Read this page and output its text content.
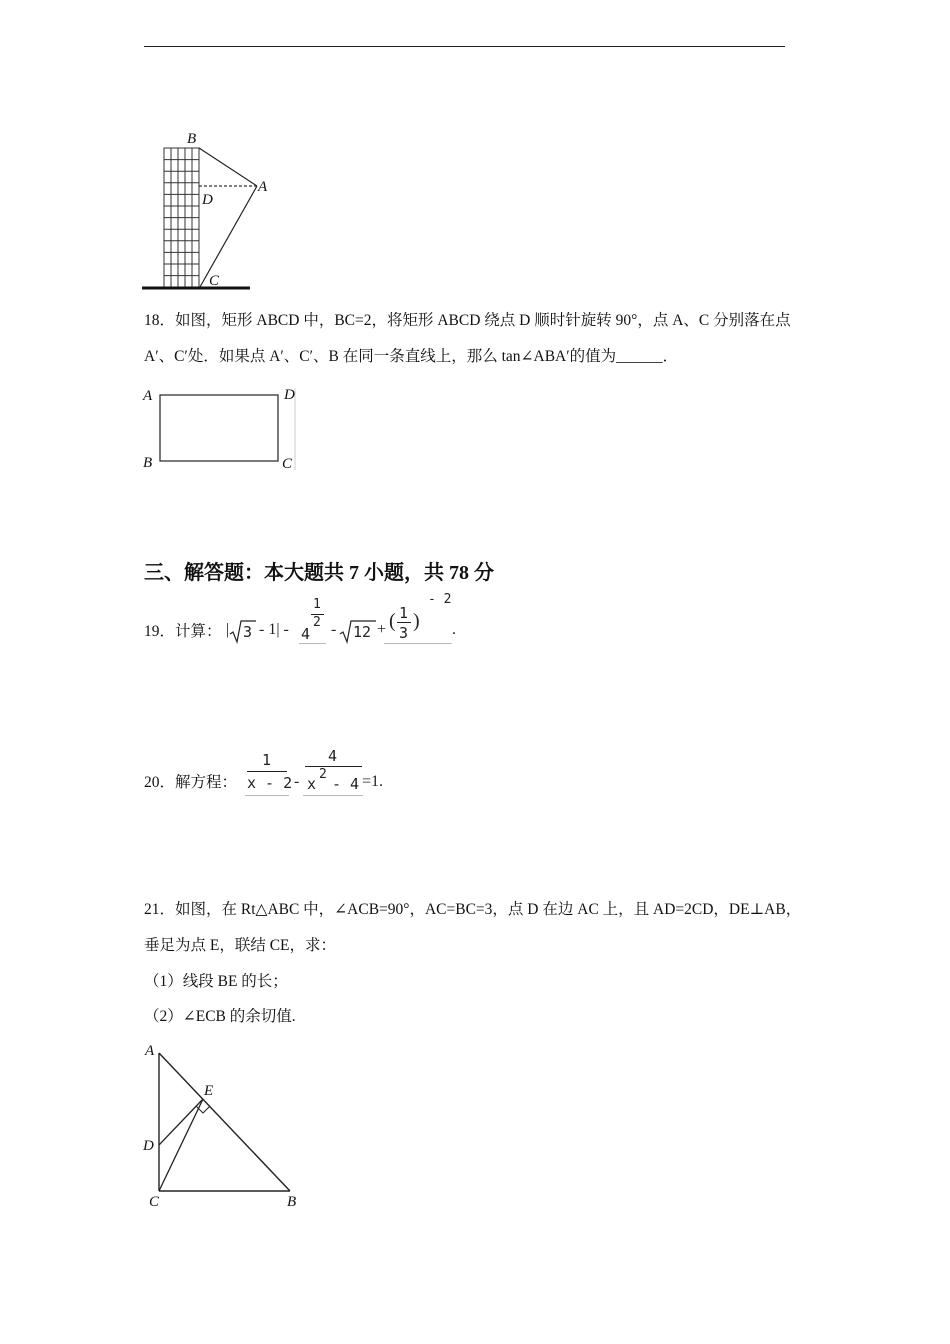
B
A
D
C
18．如图，矩形 ABCD 中，BC=2，将矩形 ABCD 绕点 D 顺时针旋转 90°，点 A、C 分别落在点
A′、C′处．如果点 A′、C′、B 在同一条直线上，那么 tan∠ABA′的值为______．
A	D
B	C
三、解答题：本大题共 7 小题，共 78 分
19．计算： | 3 - 1| - 4
1
2 - 12 + ( 1
3
)
- 2
.
20．解方程：
1
x - 2 -
4
x
2
- 4 =1.
21．如图，在 Rt△ABC 中，∠ACB=90°，AC=BC=3，点 D 在边 AC 上，且 AD=2CD，DE⊥AB，
垂足为点 E，联结 CE，求：
（1）线段 BE 的长；
（2）∠ECB 的余切值.
A
E
D
C	B
